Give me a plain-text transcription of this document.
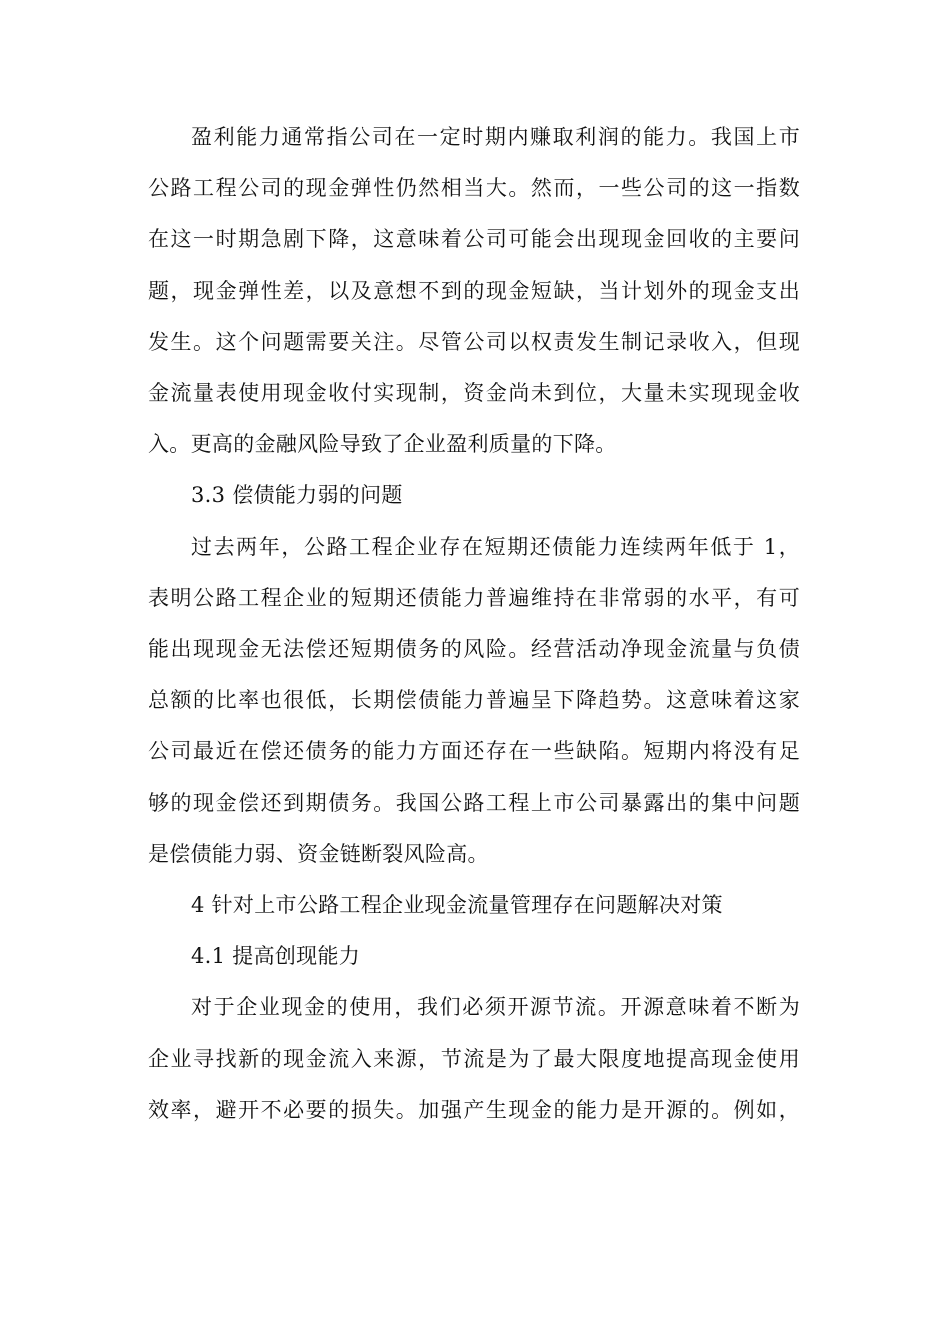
盈利能力通常指公司在一定时期内赚取利润的能力。我国上市
公路工程公司的现金弹性仍然相当大。然而，一些公司的这一指数
在这一时期急剧下降，这意味着公司可能会出现现金回收的主要问
题，现金弹性差，以及意想不到的现金短缺，当计划外的现金支出
发生。这个问题需要关注。尽管公司以权责发生制记录收入，但现
金流量表使用现金收付实现制，资金尚未到位，大量未实现现金收
入。更高的金融风险导致了企业盈利质量的下降。
3.3 偿债能力弱的问题
过去两年，公路工程企业存在短期还债能力连续两年低于 1，
表明公路工程企业的短期还债能力普遍维持在非常弱的水平，有可
能出现现金无法偿还短期债务的风险。经营活动净现金流量与负债
总额的比率也很低，长期偿债能力普遍呈下降趋势。这意味着这家
公司最近在偿还债务的能力方面还存在一些缺陷。短期内将没有足
够的现金偿还到期债务。我国公路工程上市公司暴露出的集中问题
是偿债能力弱、资金链断裂风险高。
4 针对上市公路工程企业现金流量管理存在问题解决对策
4.1 提高创现能力
对于企业现金的使用，我们必须开源节流。开源意味着不断为
企业寻找新的现金流入来源，节流是为了最大限度地提高现金使用
效率，避开不必要的损失。加强产生现金的能力是开源的。例如，
